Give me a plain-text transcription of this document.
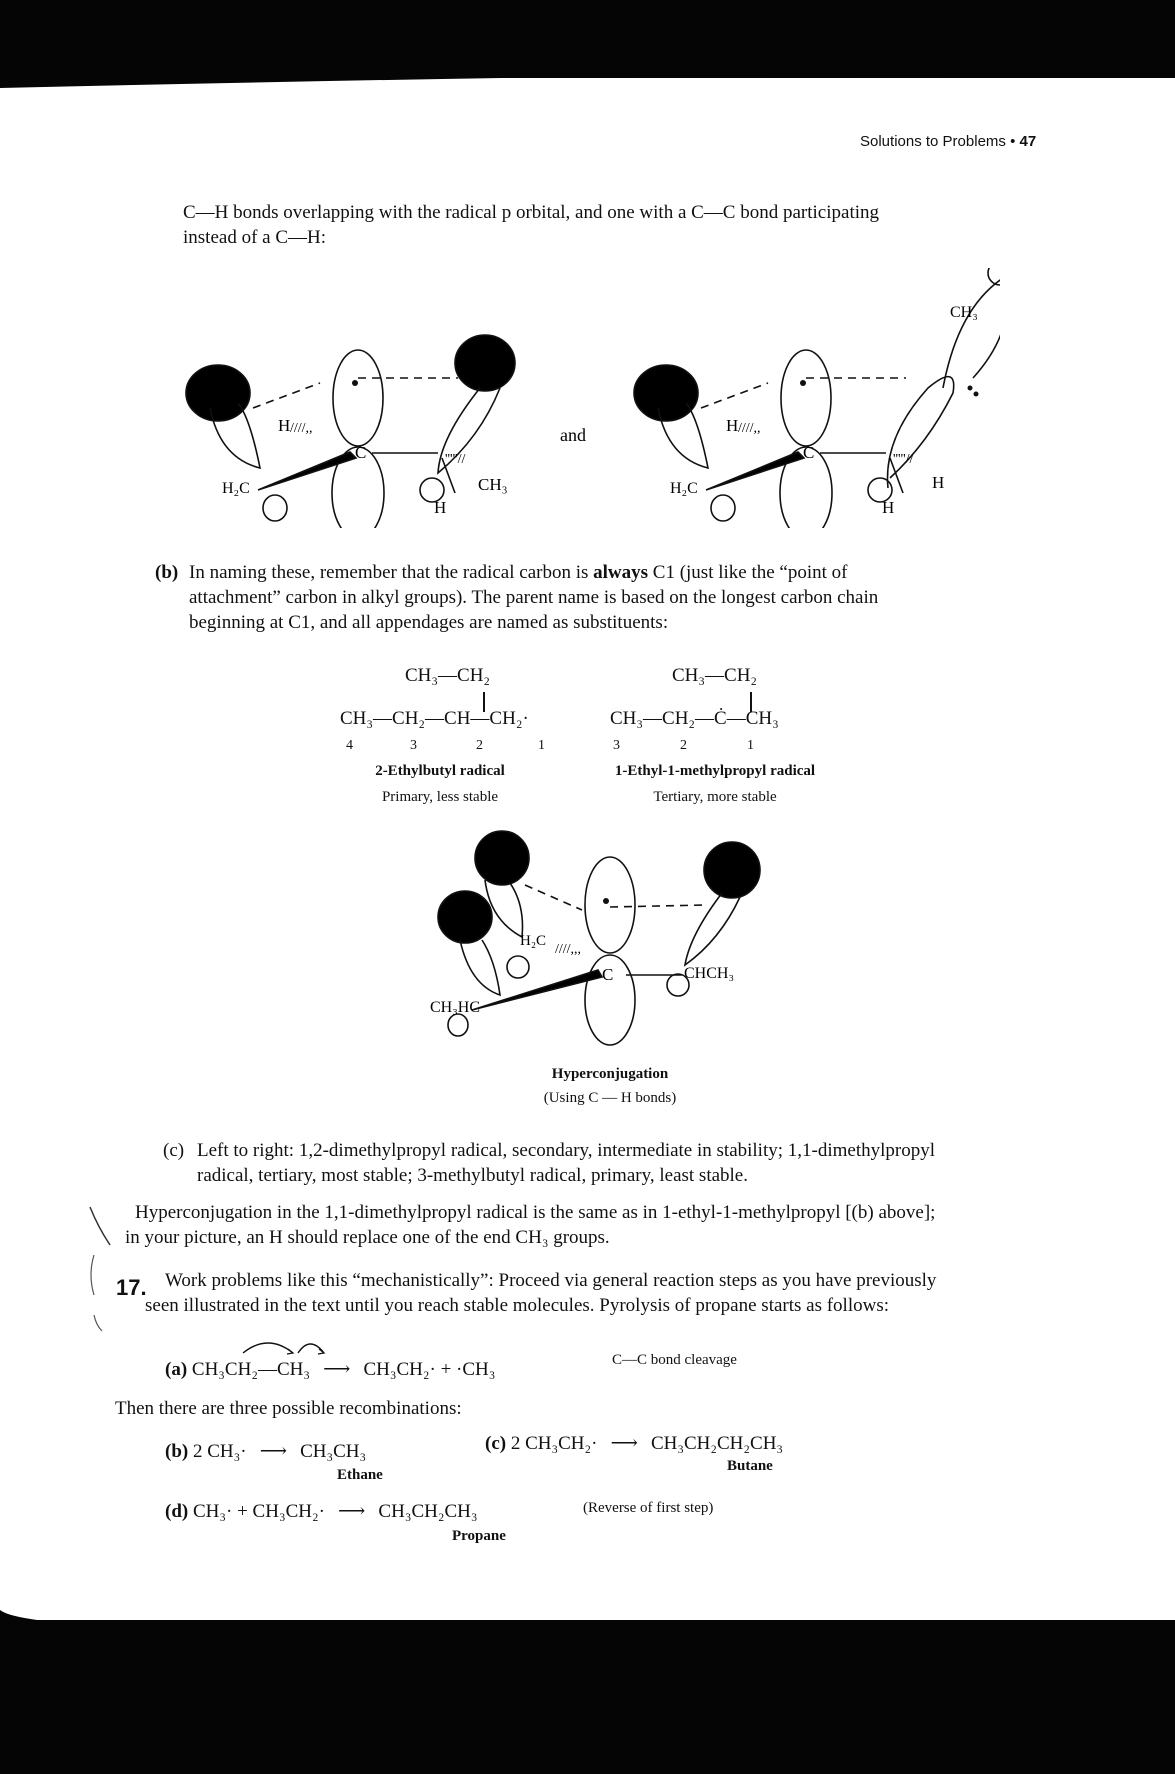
Solutions to Problems • 47
C—H bonds overlapping with the radical p orbital, and one with a C—C bond participating
instead of a C—H:
C
H ////,,
H₂C
'''''//
CH₃
H
and
C
H ////,,
H₂C
'''''//
H
H
CH₃
(b) In naming these, remember that the radical carbon is always C1 (just like the “point of
attachment” carbon in alkyl groups). The parent name is based on the longest carbon chain
beginning at C1, and all appendages are named as substituents:
CH₃—CH₂
CH₃—CH₂—CH—CH₂·
4	3	2	1
2-Ethylbutyl radical
Primary, less stable
CH₃—CH₂
CH₃—CH₂—Ċ—CH₃
3	2	1
1-Ethyl-1-methylpropyl radical
Tertiary, more stable
C
H₂C
////,,,
CH₃HC
CHCH₃
Hyperconjugation
(Using C — H bonds)
(c) Left to right: 1,2-dimethylpropyl radical, secondary, intermediate in stability; 1,1-dimethylpropyl
radical, tertiary, most stable; 3-methylbutyl radical, primary, least stable.
Hyperconjugation in the 1,1-dimethylpropyl radical is the same as in 1-ethyl-1-methylpropyl [(b) above];
in your picture, an H should replace one of the end CH₃ groups.
17. Work problems like this “mechanistically”: Proceed via general reaction steps as you have previously
seen illustrated in the text until you reach stable molecules. Pyrolysis of propane starts as follows:
(a) CH₃CH₂—CH₃ ⟶ CH₃CH₂· + ·CH₃	C—C bond cleavage
Then there are three possible recombinations:
(b) 2 CH₃· ⟶ CH₃CH₃
Ethane
(c) 2 CH₃CH₂· ⟶ CH₃CH₂CH₂CH₃
Butane
(d) CH₃· + CH₃CH₂· ⟶ CH₃CH₂CH₃	(Reverse of first step)
Propane
